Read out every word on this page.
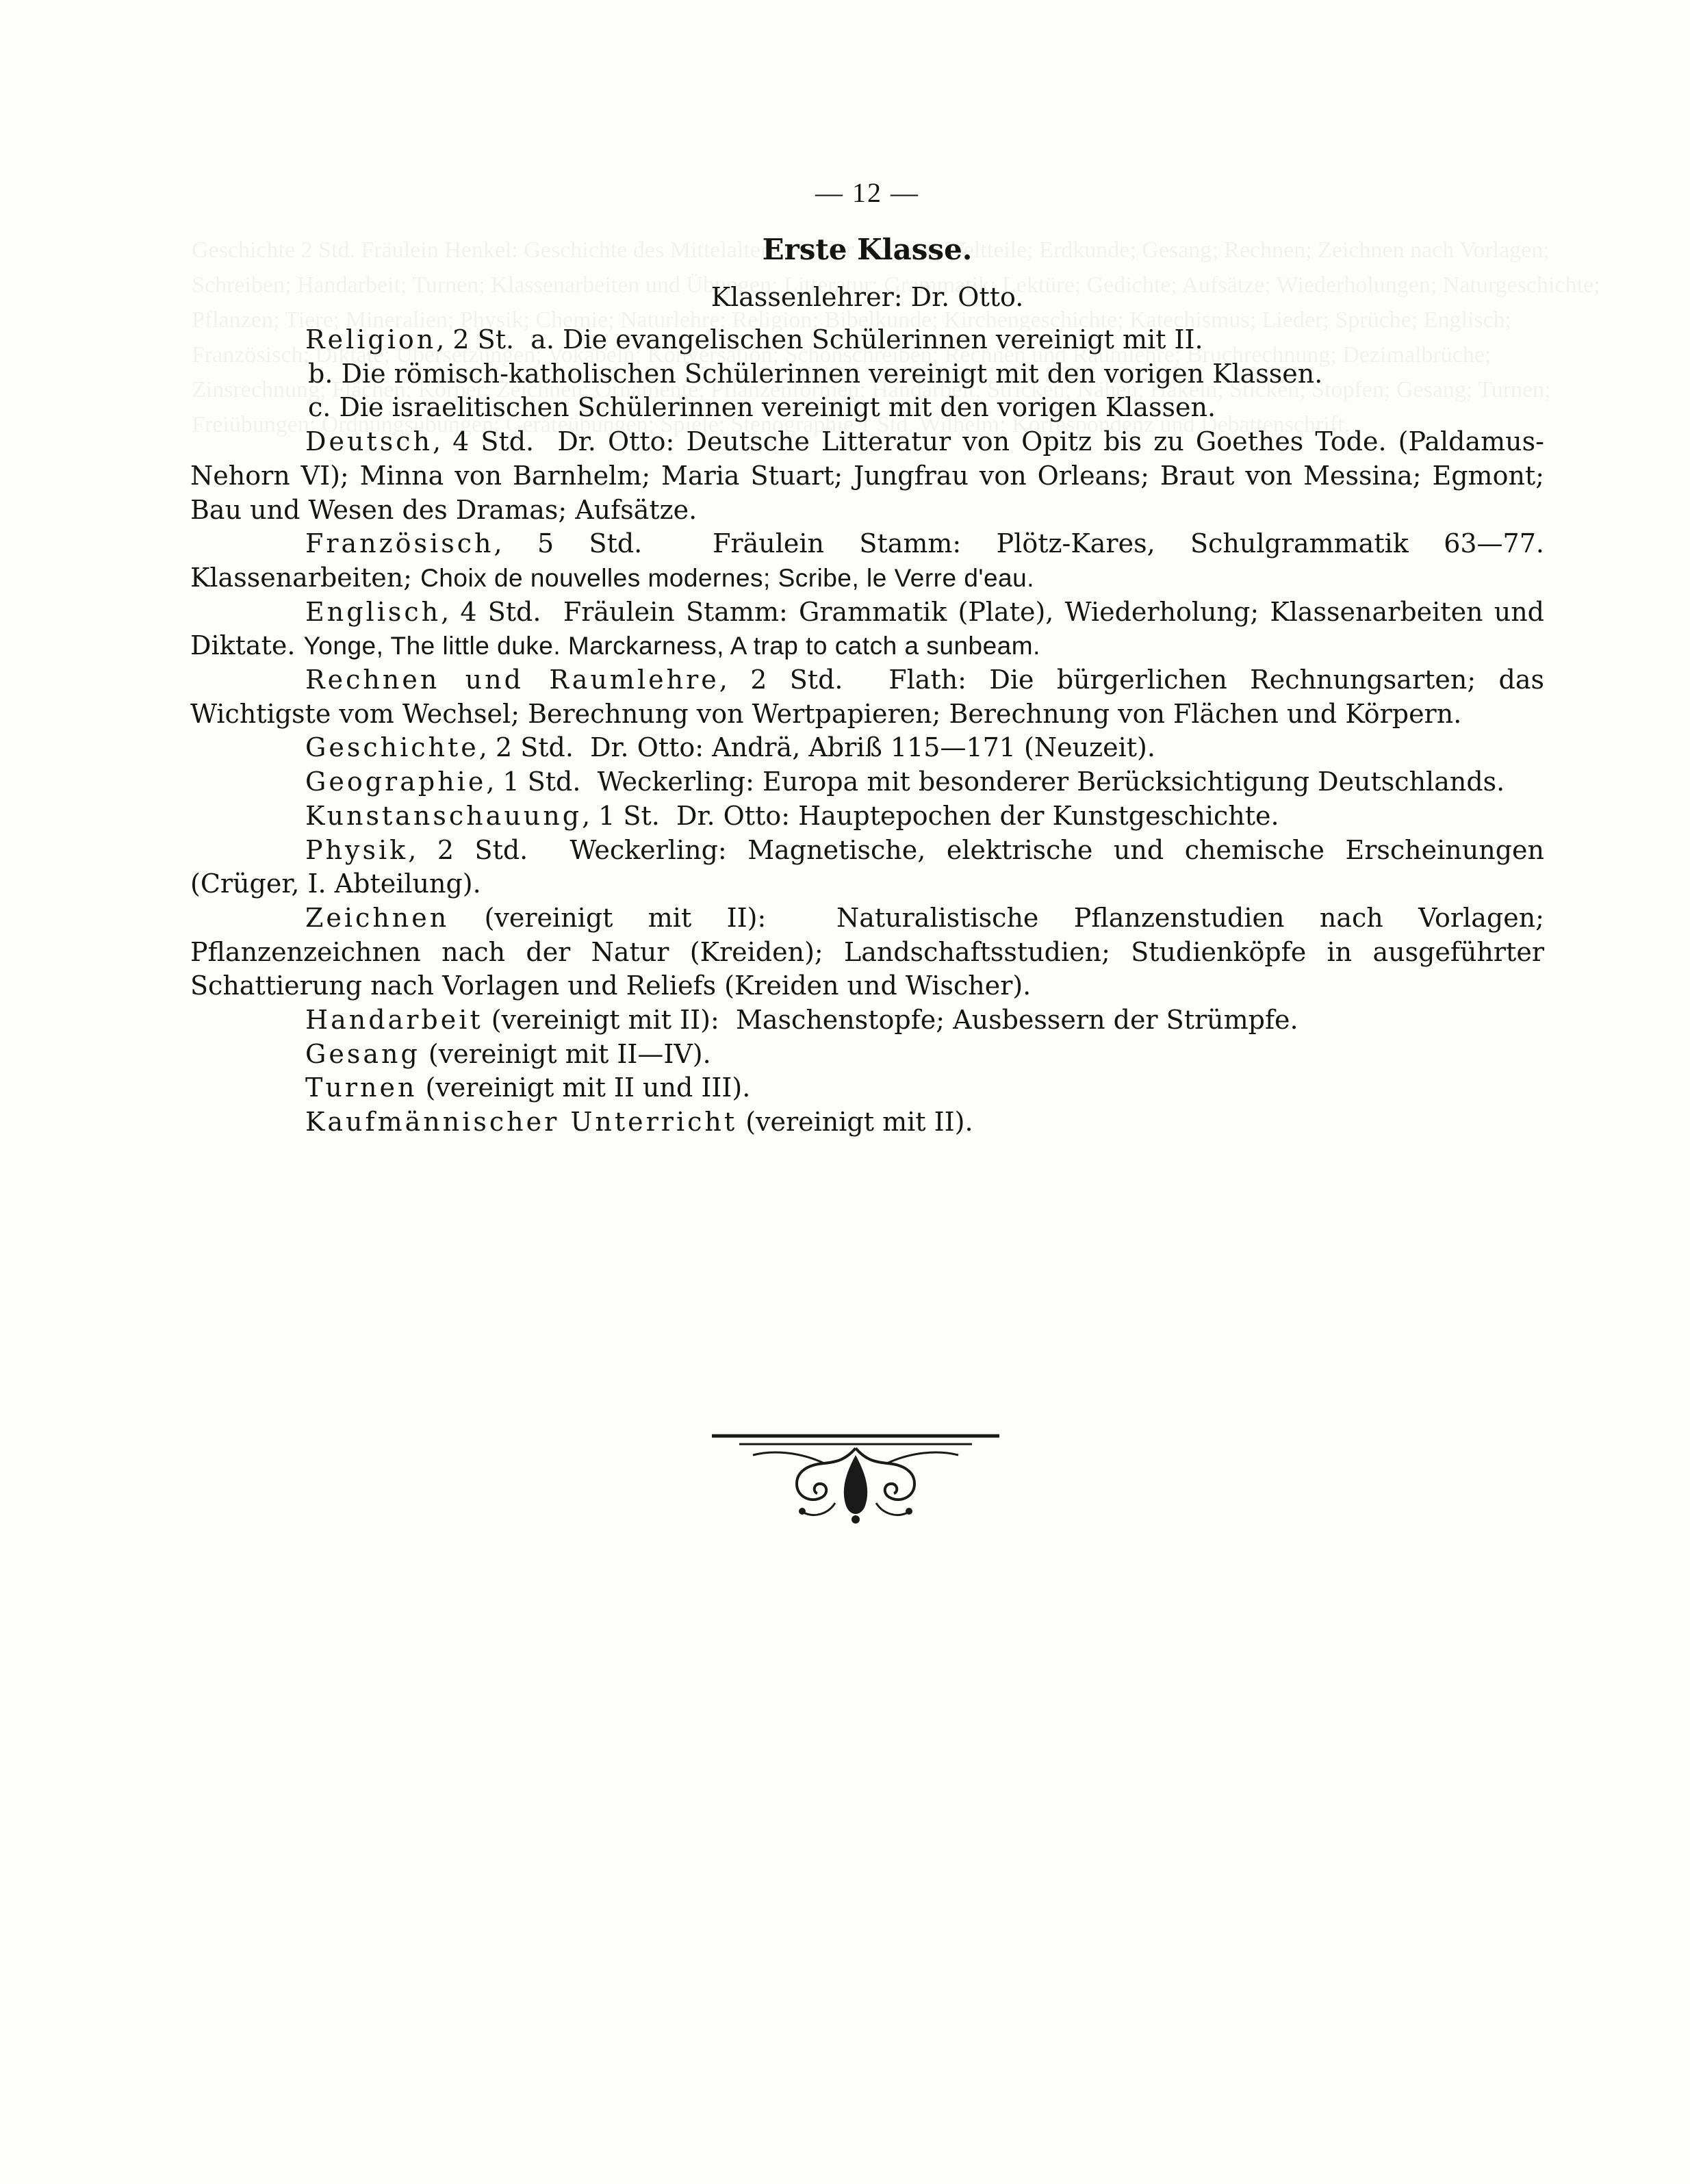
— 12 —
Erste Klasse.
Klassenlehrer: Dr. Otto.

Religion, 2 St. a. Die evangelischen Schülerinnen vereinigt mit II.

b. Die römisch-katholischen Schülerinnen vereinigt mit den vorigen Klassen.

c. Die israelitischen Schülerinnen vereinigt mit den vorigen Klassen.

Deutsch, 4 Std. Dr. Otto: Deutsche Litteratur von Opitz bis zu Goethes Tode. (Paldamus-Nehorn VI); Minna von Barnhelm; Maria Stuart; Jungfrau von Orleans; Braut von Messina; Egmont; Bau und Wesen des Dramas; Aufsätze.

Französisch, 5 Std.	Fräulein Stamm: Plötz-Kares, Schulgrammatik 63—77. Klassenarbeiten; Choix de nouvelles modernes; Scribe, le Verre d'eau.

Englisch, 4 Std. Fräulein Stamm: Grammatik (Plate), Wiederholung; Klassenarbeiten und Diktate. Yonge, The little duke. Marckarness, A trap to catch a sunbeam.

Rechnen und Raumlehre, 2 Std. Flath: Die bürgerlichen Rechnungsarten; das Wichtigste vom Wechsel; Berechnung von Wertpapieren; Berechnung von Flächen und Körpern.

Geschichte, 2 Std. Dr. Otto: Andrä, Abriß 115—171 (Neuzeit).

Geographie, 1 Std. Weckerling: Europa mit besonderer Berücksichtigung Deutschlands.

Kunstanschauung, 1 St. Dr. Otto: Hauptepochen der Kunstgeschichte.

Physik, 2 Std. Weckerling: Magnetische, elektrische und chemische Erscheinungen (Crüger, I. Abteilung).

Zeichnen (vereinigt mit II):	Naturalistische Pflanzenstudien nach Vorlagen; Pflanzenzeichnen nach der Natur (Kreiden); Landschaftsstudien; Studienköpfe in ausgeführter Schattierung nach Vorlagen und Reliefs (Kreiden und Wischer).

Handarbeit (vereinigt mit II): Maschenstopfe; Ausbessern der Strümpfe.

Gesang (vereinigt mit II—IV).

Turnen (vereinigt mit II und III).

Kaufmännischer Unterricht (vereinigt mit II).
